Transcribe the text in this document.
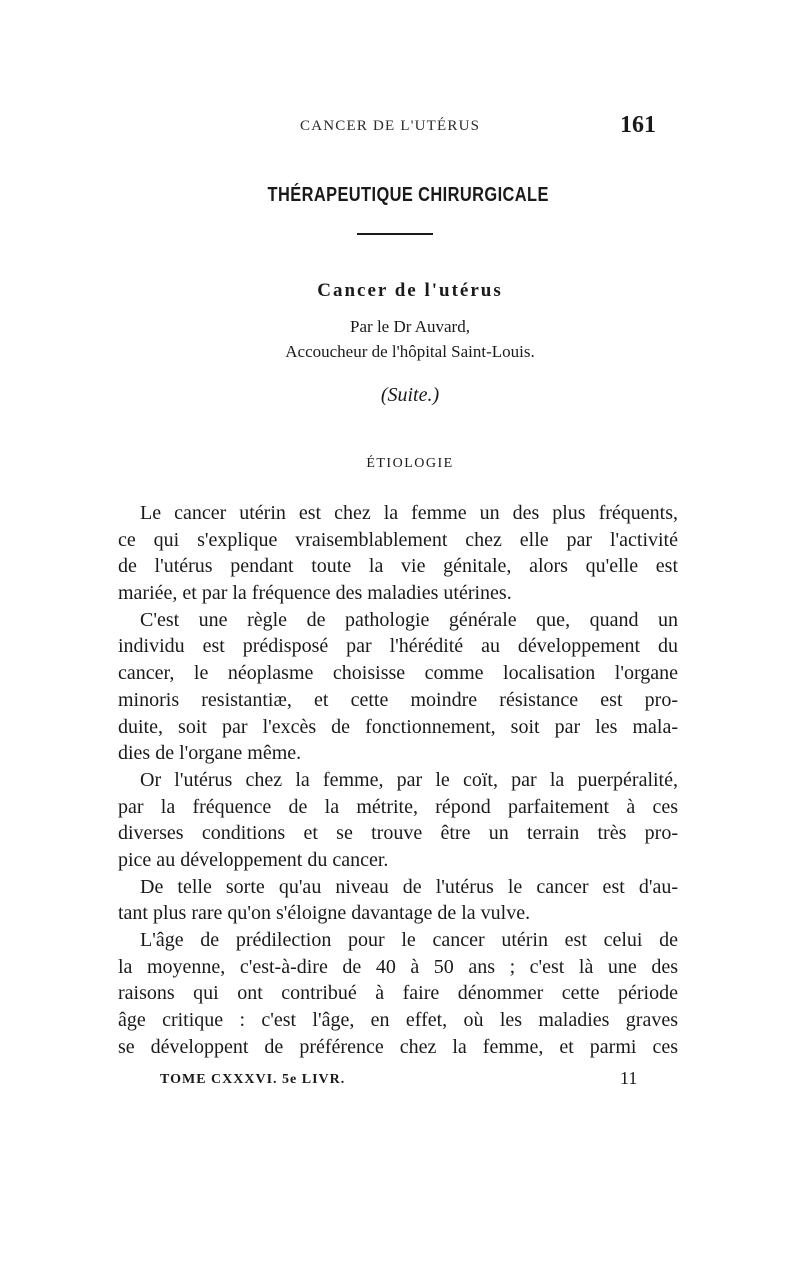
CANCER DE L'UTÉRUS	161
THÉRAPEUTIQUE CHIRURGICALE
Cancer de l'utérus
Par le Dr Auvard,
Accoucheur de l'hôpital Saint-Louis.
(Suite.)
ÉTIOLOGIE
Le cancer utérin est chez la femme un des plus fréquents,
ce qui s'explique vraisemblablement chez elle par l'activité
de l'utérus pendant toute la vie génitale, alors qu'elle est
mariée, et par la fréquence des maladies utérines.
C'est une règle de pathologie générale que, quand un
individu est prédisposé par l'hérédité au développement du
cancer, le néoplasme choisisse comme localisation l'organe
minoris resistantiæ, et cette moindre résistance est pro-
duite, soit par l'excès de fonctionnement, soit par les mala-
dies de l'organe même.
Or l'utérus chez la femme, par le coït, par la puerpéralité,
par la fréquence de la métrite, répond parfaitement à ces
diverses conditions et se trouve être un terrain très pro-
pice au développement du cancer.
De telle sorte qu'au niveau de l'utérus le cancer est d'au-
tant plus rare qu'on s'éloigne davantage de la vulve.
L'âge de prédilection pour le cancer utérin est celui de
la moyenne, c'est-à-dire de 40 à 50 ans ; c'est là une des
raisons qui ont contribué à faire dénommer cette période
âge critique : c'est l'âge, en effet, où les maladies graves
se développent de préférence chez la femme, et parmi ces
TOME CXXXVI. 5e LIVR.	11
